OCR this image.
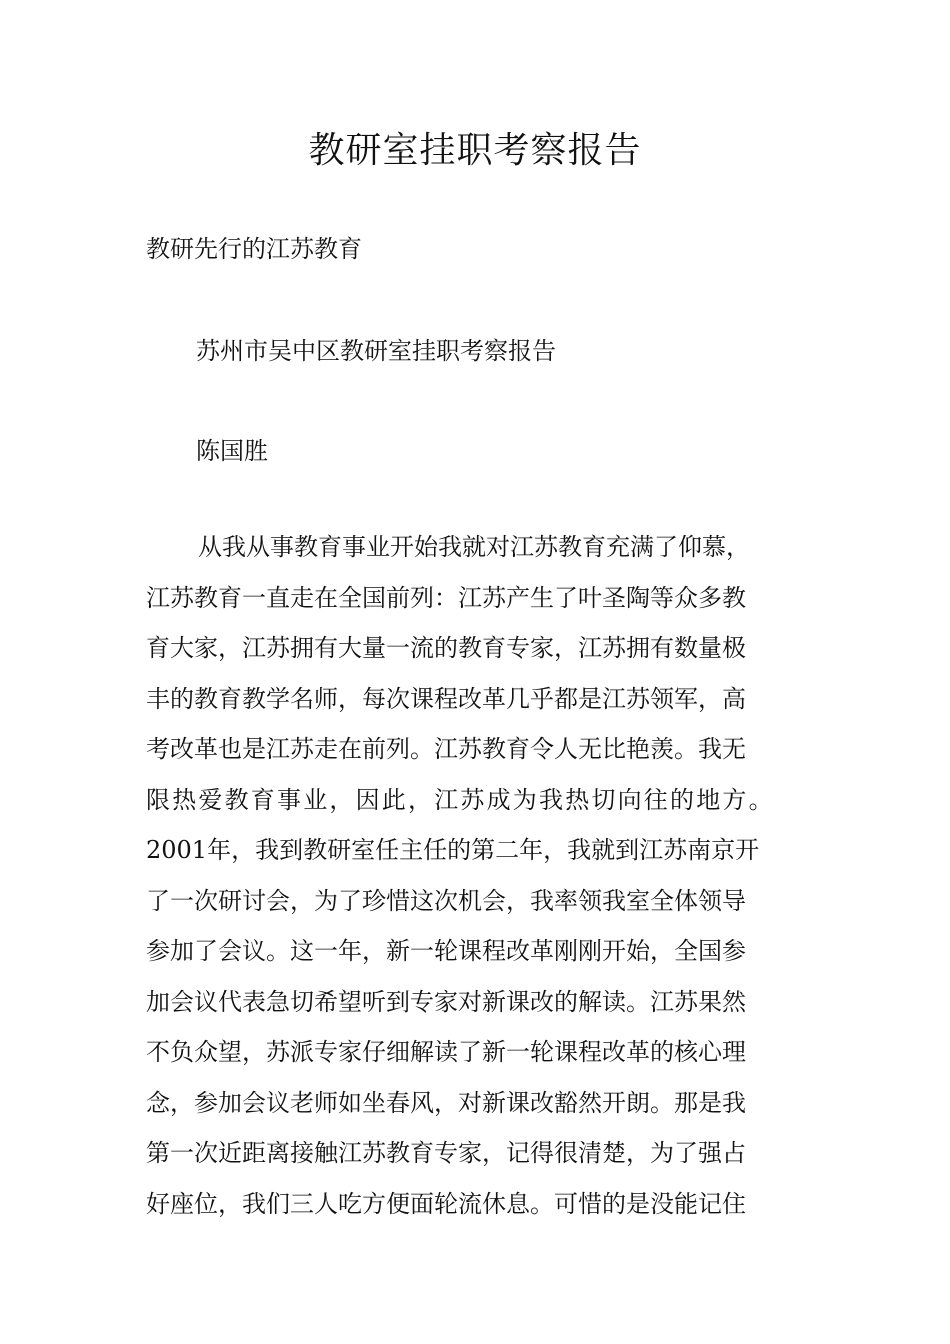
教研室挂职考察报告
教研先行的江苏教育
苏州市吴中区教研室挂职考察报告
陈国胜
从我从事教育事业开始我就对江苏教育充满了仰慕，
江苏教育一直走在全国前列：江苏产生了叶圣陶等众多教
育大家，江苏拥有大量一流的教育专家，江苏拥有数量极
丰的教育教学名师，每次课程改革几乎都是江苏领军，高
考改革也是江苏走在前列。江苏教育令人无比艳羡。我无
限热爱教育事业，因此，江苏成为我热切向往的地方。
2001年，我到教研室任主任的第二年，我就到江苏南京开
了一次研讨会，为了珍惜这次机会，我率领我室全体领导
参加了会议。这一年，新一轮课程改革刚刚开始，全国参
加会议代表急切希望听到专家对新课改的解读。江苏果然
不负众望，苏派专家仔细解读了新一轮课程改革的核心理
念，参加会议老师如坐春风，对新课改豁然开朗。那是我
第一次近距离接触江苏教育专家，记得很清楚，为了强占
好座位，我们三人吃方便面轮流休息。可惜的是没能记住
